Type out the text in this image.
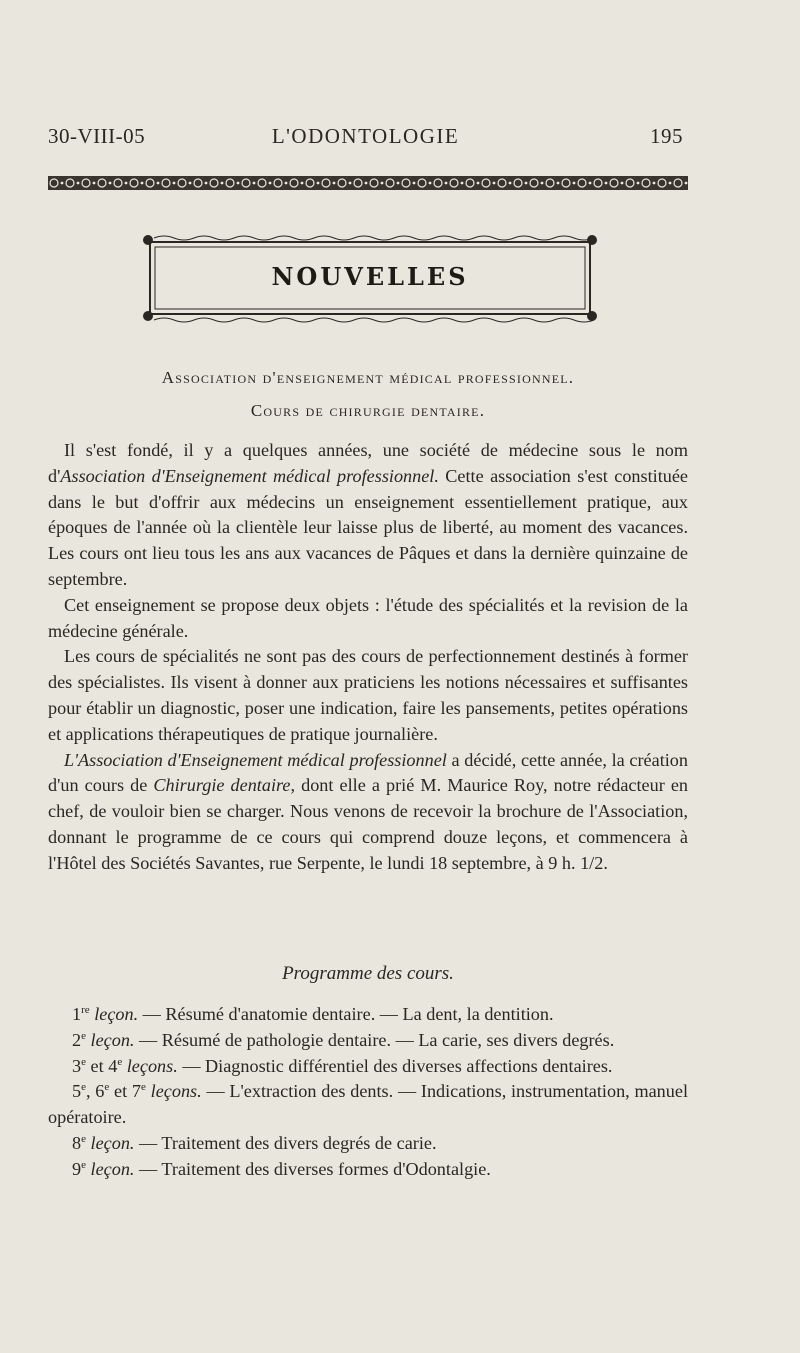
30-VIII-05	L'ODONTOLOGIE	195
NOUVELLES
Association d'enseignement médical professionnel.
Cours de chirurgie dentaire.

Il s'est fondé, il y a quelques années, une société de médecine sous le nom d'Association d'Enseignement médical professionnel. Cette association s'est constituée dans le but d'offrir aux médecins un enseignement essentiellement pratique, aux époques de l'année où la clientèle leur laisse plus de liberté, au moment des vacances. Les cours ont lieu tous les ans aux vacances de Pâques et dans la dernière quinzaine de septembre.

Cet enseignement se propose deux objets : l'étude des spécialités et la revision de la médecine générale.

Les cours de spécialités ne sont pas des cours de perfectionnement destinés à former des spécialistes. Ils visent à donner aux praticiens les notions nécessaires et suffisantes pour établir un diagnostic, poser une indication, faire les pansements, petites opérations et applications thérapeutiques de pratique journalière.

L'Association d'Enseignement médical professionnel a décidé, cette année, la création d'un cours de Chirurgie dentaire, dont elle a prié M. Maurice Roy, notre rédacteur en chef, de vouloir bien se charger. Nous venons de recevoir la brochure de l'Association, donnant le programme de ce cours qui comprend douze leçons, et commencera à l'Hôtel des Sociétés Savantes, rue Serpente, le lundi 18 septembre, à 9 h. 1/2.

Programme des cours.

1re leçon. — Résumé d'anatomie dentaire. — La dent, la dentition.

2e leçon. — Résumé de pathologie dentaire. — La carie, ses divers degrés.

3e et 4e leçons. — Diagnostic différentiel des diverses affections dentaires.

5e, 6e et 7e leçons. — L'extraction des dents. — Indications, instrumentation, manuel opératoire.

8e leçon. — Traitement des divers degrés de carie.

9e leçon. — Traitement des diverses formes d'Odontalgie.
